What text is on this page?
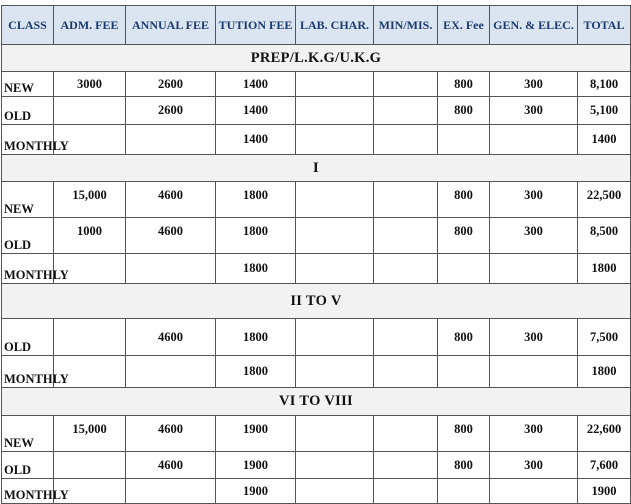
CLASS	ADM. FEE	ANNUAL FEE	TUTION FEE	LAB. CHAR.	MIN/MIS.	EX. Fee	GEN. & ELEC.	TOTAL
PREP/L.K.G/U.K.G								
NEW	3000	2600	1400			800	300	8,100
OLD		2600	1400			800	300	5,100
MONTHLY			1400					1400
I								
NEW	15,000	4600	1800			800	300	22,500
OLD	1000	4600	1800			800	300	8,500
MONTHLY			1800					1800
II TO V								
OLD		4600	1800			800	300	7,500
MONTHLY			1800					1800
VI TO VIII								
NEW	15,000	4600	1900			800	300	22,600
OLD		4600	1900			800	300	7,600
MONTHLY			1900					1900
